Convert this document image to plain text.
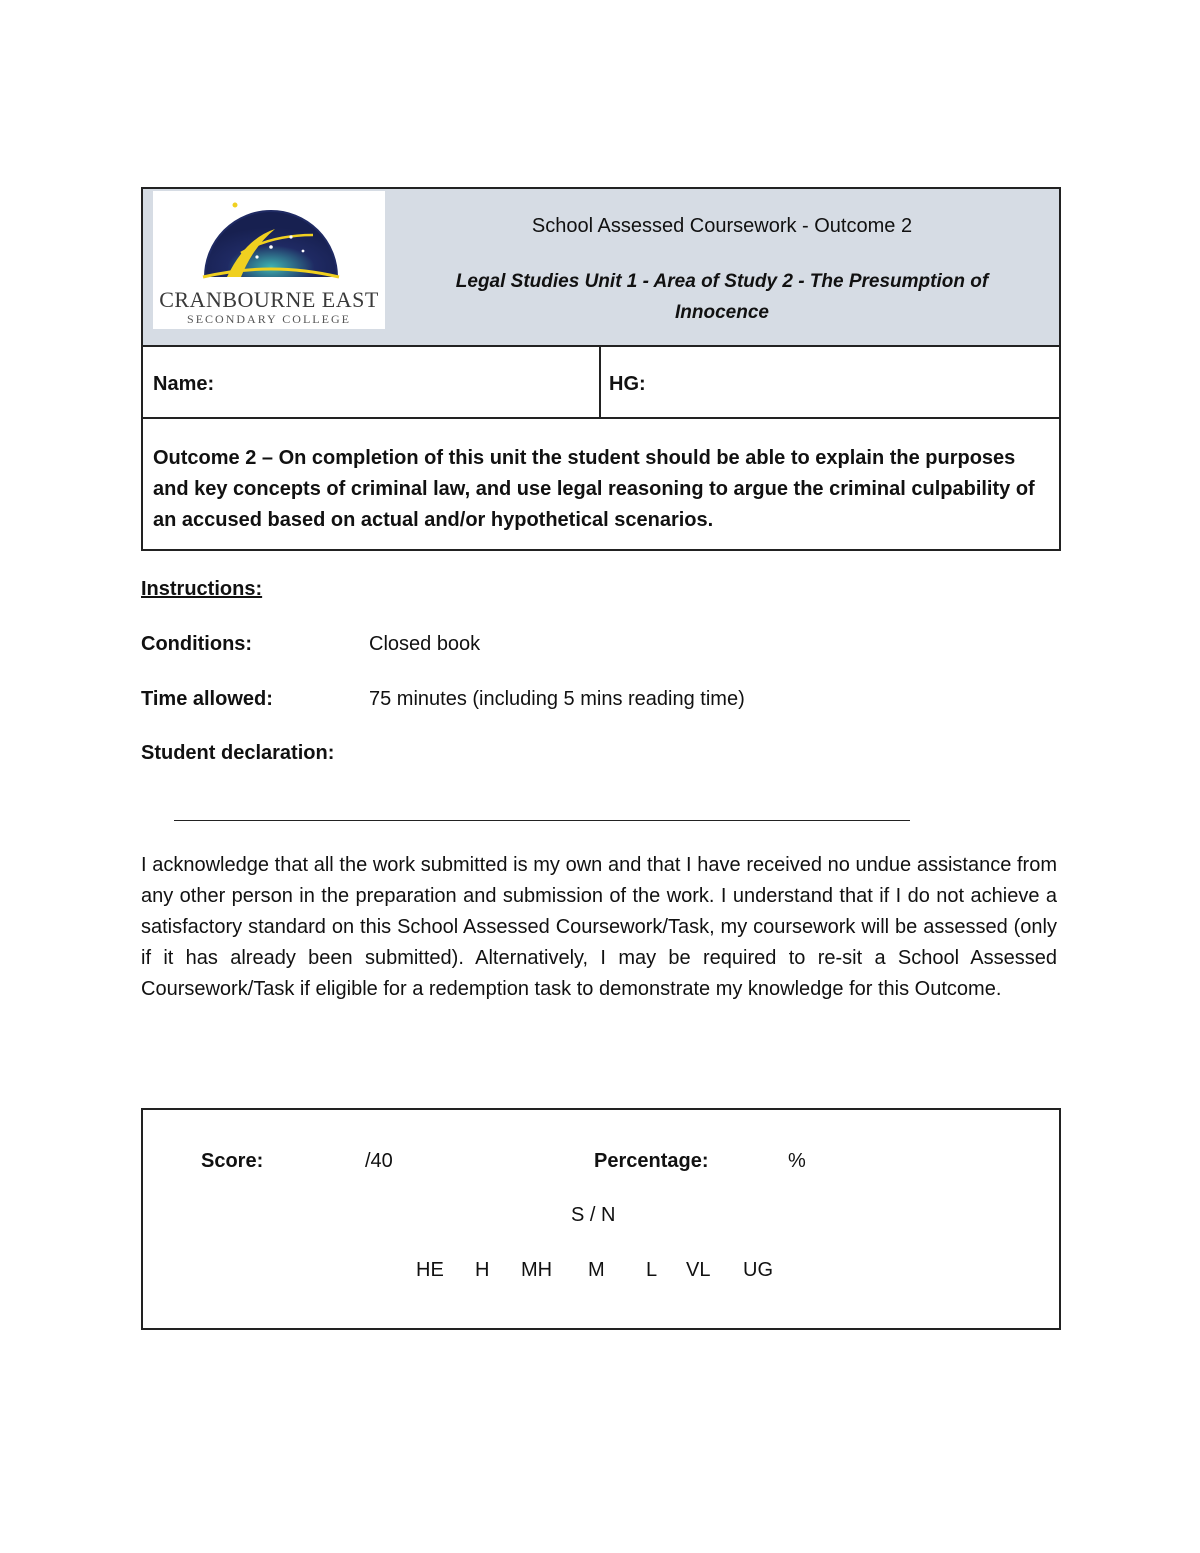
CRANBOURNE EAST
SECONDARY COLLEGE
School Assessed Coursework - Outcome 2
Legal Studies Unit 1 - Area of Study 2 - The Presumption of Innocence
Name:	HG:
Outcome 2 – On completion of this unit the student should be able to explain the purposes and key concepts of criminal law, and use legal reasoning to argue the criminal culpability of an accused based on actual and/or hypothetical scenarios.
Instructions:
Conditions:	Closed book
Time allowed:	75 minutes (including 5 mins reading time)
Student declaration:
I acknowledge that all the work submitted is my own and that I have received no undue assistance from any other person in the preparation and submission of the work. I understand that if I do not achieve a satisfactory standard on this School Assessed Coursework/Task, my coursework will be assessed (only if it has already been submitted). Alternatively, I may be required to re-sit a School Assessed Coursework/Task if eligible for a redemption task to demonstrate my knowledge for this Outcome.
Score:	/40	Percentage:	%
S / N
HE H MH M L VL UG
